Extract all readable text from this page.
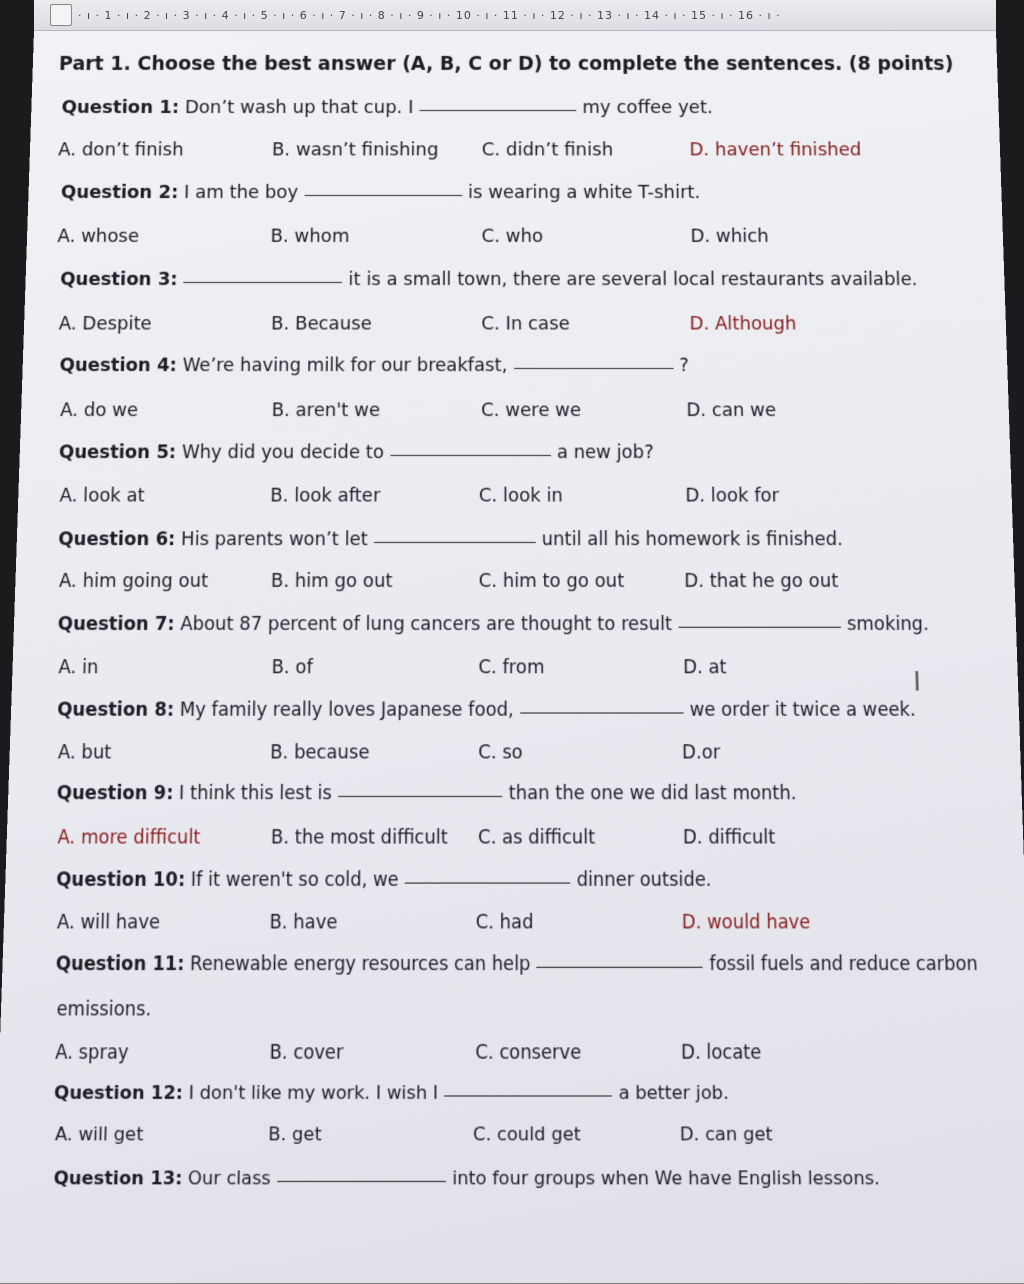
· ı · 1 · ı · 2 · ı · 3 · ı · 4 · ı · 5 · ı · 6 · ı · 7 · ı · 8 · ı · 9 · ı · 10 · ı · 11 · ı · 12 · ı · 13 · ı · 14 · ı · 15 · ı · 16 · ı ·
Part 1. Choose the best answer (A, B, C or D) to complete the sentences. (8 points)
Question 1: Don’t wash up that cup. I	my coffee yet.
A. don’t finish	B. wasn’t finishing C. didn’t finish	D. haven’t finished
Question 2: I am the boy	is wearing a white T-shirt.
A. whose	B. whom	C. who	D. which
Question 3:	it is a small town, there are several local restaurants available.
A. Despite	B. Because	C. In case	D. Although
Question 4: We’re having milk for our breakfast,	?
A. do we	B. aren't we	C. were we	D. can we
Question 5: Why did you decide to	a new job?
A. look at	B. look after	C. look in	D. look for
Question 6: His parents won’t let	until all his homework is finished.
A. him going out	B. him go out	C. him to go out	D. that he go out
Question 7: About 87 percent of lung cancers are thought to result	smoking.
A. in	B. of	C. from	D. at
Question 8: My family really loves Japanese food,	we order it twice a week.
A. but	B. because	C. so	D.or
Question 9: I think this lest is	than the one we did last month.
A. more difficult	B. the most difficult C. as difficult	D. difficult
Question 10: If it weren't so cold, we	dinner outside.
A. will have	B. have	C. had	D. would have
Question 11: Renewable energy resources can help	fossil fuels and reduce carbon
emissions.
A. spray	B. cover	C. conserve	D. locate
Question 12: I don't like my work. I wish I	a better job.
A. will get	B. get	C. could get	D. can get
Question 13: Our class	into four groups when We have English lessons.
I
